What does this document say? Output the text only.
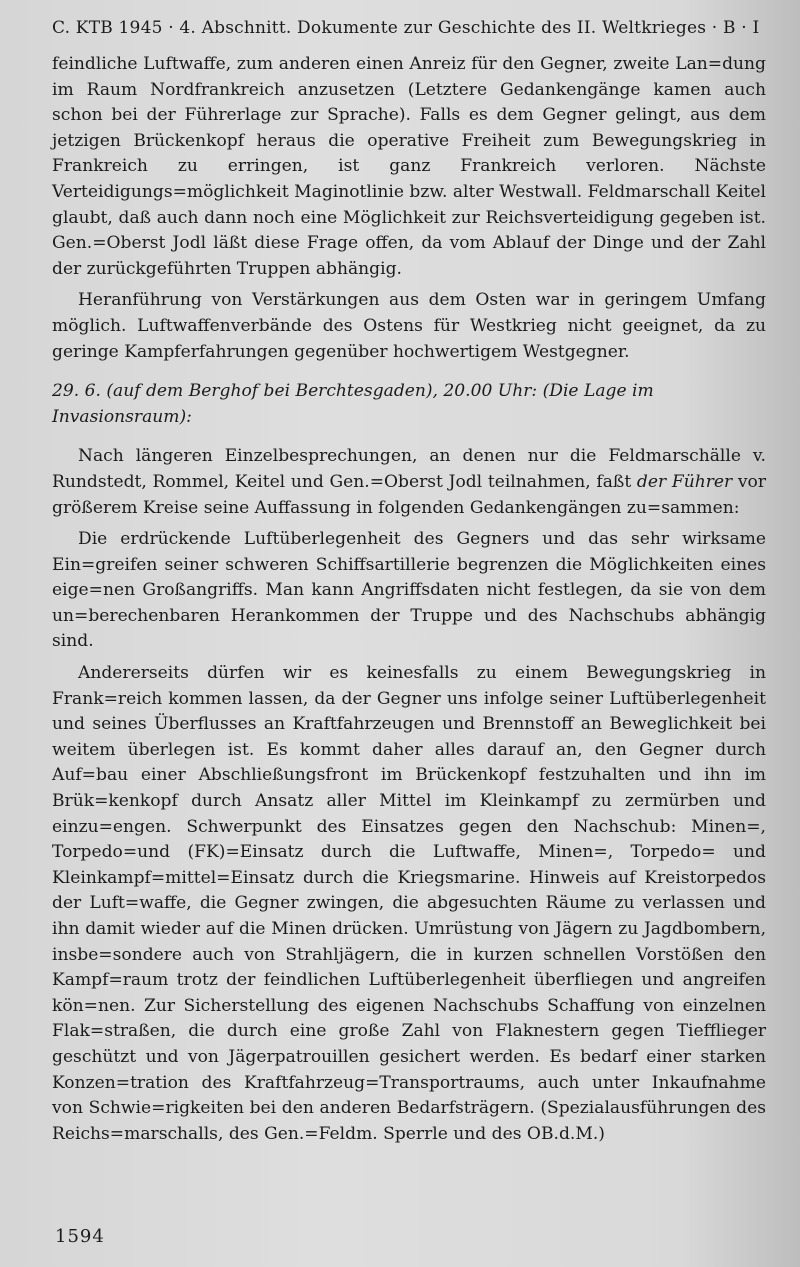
C. KTB 1945 · 4. Abschnitt. Dokumente zur Geschichte des II. Weltkrieges · B · I

feindliche Luftwaffe, zum anderen einen Anreiz für den Gegner, zweite Lan=dung im Raum Nordfrankreich anzusetzen (Letztere Gedankengänge kamen auch schon bei der Führerlage zur Sprache). Falls es dem Gegner gelingt, aus dem jetzigen Brückenkopf heraus die operative Freiheit zum Bewegungskrieg in Frankreich zu erringen, ist ganz Frankreich verloren. Nächste Verteidigungs=möglichkeit Maginotlinie bzw. alter Westwall. Feldmarschall Keitel glaubt, daß auch dann noch eine Möglichkeit zur Reichsverteidigung gegeben ist. Gen.=Oberst Jodl läßt diese Frage offen, da vom Ablauf der Dinge und der Zahl der zurückgeführten Truppen abhängig.

Heranführung von Verstärkungen aus dem Osten war in geringem Umfang möglich. Luftwaffenverbände des Ostens für Westkrieg nicht geeignet, da zu geringe Kampferfahrungen gegenüber hochwertigem Westgegner.

29. 6. (auf dem Berghof bei Berchtesgaden), 20.00 Uhr: (Die Lage im Invasionsraum):

Nach längeren Einzelbesprechungen, an denen nur die Feldmarschälle v. Rundstedt, Rommel, Keitel und Gen.=Oberst Jodl teilnahmen, faßt der Führer vor größerem Kreise seine Auffassung in folgenden Gedankengängen zu=sammen:

Die erdrückende Luftüberlegenheit des Gegners und das sehr wirksame Ein=greifen seiner schweren Schiffsartillerie begrenzen die Möglichkeiten eines eige=nen Großangriffs. Man kann Angriffsdaten nicht festlegen, da sie von dem un=berechenbaren Herankommen der Truppe und des Nachschubs abhängig sind.

Andererseits dürfen wir es keinesfalls zu einem Bewegungskrieg in Frank=reich kommen lassen, da der Gegner uns infolge seiner Luftüberlegenheit und seines Überflusses an Kraftfahrzeugen und Brennstoff an Beweglichkeit bei weitem überlegen ist. Es kommt daher alles darauf an, den Gegner durch Auf=bau einer Abschließungsfront im Brückenkopf festzuhalten und ihn im Brük=kenkopf durch Ansatz aller Mittel im Kleinkampf zu zermürben und einzu=engen. Schwerpunkt des Einsatzes gegen den Nachschub: Minen=, Torpedo=und (FK)=Einsatz durch die Luftwaffe, Minen=, Torpedo= und Kleinkampf=mittel=Einsatz durch die Kriegsmarine. Hinweis auf Kreistorpedos der Luft=waffe, die Gegner zwingen, die abgesuchten Räume zu verlassen und ihn damit wieder auf die Minen drücken. Umrüstung von Jägern zu Jagdbombern, insbe=sondere auch von Strahljägern, die in kurzen schnellen Vorstößen den Kampf=raum trotz der feindlichen Luftüberlegenheit überfliegen und angreifen kön=nen. Zur Sicherstellung des eigenen Nachschubs Schaffung von einzelnen Flak=straßen, die durch eine große Zahl von Flaknestern gegen Tiefflieger geschützt und von Jägerpatrouillen gesichert werden. Es bedarf einer starken Konzen=tration des Kraftfahrzeug=Transportraums, auch unter Inkaufnahme von Schwie=rigkeiten bei den anderen Bedarfsträgern. (Spezialausführungen des Reichs=marschalls, des Gen.=Feldm. Sperrle und des OB.d.M.)

1594
